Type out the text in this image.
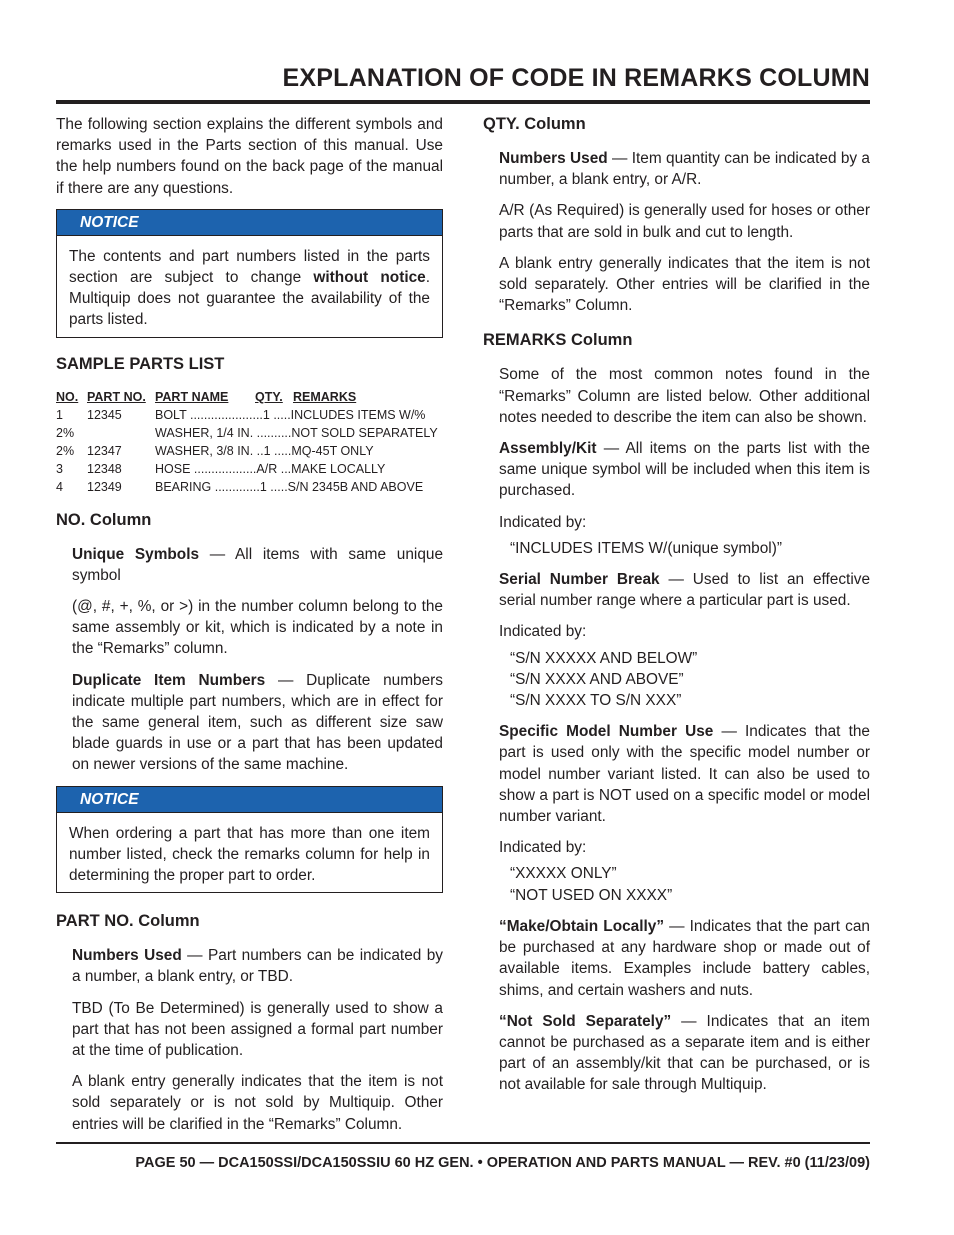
EXPLANATION OF CODE IN REMARKS COLUMN

The following section explains the different symbols and remarks used in the Parts section of this manual. Use the help numbers found on the back page of the manual if there are any questions.

NOTICE

The contents and part numbers listed in the parts section are subject to change without notice. Multiquip does not guarantee the availability of the parts listed.

SAMPLE PARTS LIST
NO.	PART NO.	PART NAME	QTY.	REMARKS
1	12345	BOLT .....................1 .....INCLUDES ITEMS W/%		
2%		WASHER, 1/4 IN. ..........NOT SOLD SEPARATELY		
2%	12347	WASHER, 3/8 IN. ..1 .....MQ-45T ONLY		
3	12348	HOSE ..................A/R ...MAKE LOCALLY		
4	12349	BEARING .............1 .....S/N 2345B AND ABOVE		
NO. Column

Unique Symbols — All items with same unique symbol

(@, #, +, %, or >) in the number column belong to the same assembly or kit, which is indicated by a note in the “Remarks” column.

Duplicate Item Numbers — Duplicate numbers indicate multiple part numbers, which are in effect for the same general item, such as different size saw blade guards in use or a part that has been updated on newer versions of the same machine.

NOTICE

When ordering a part that has more than one item number listed, check the remarks column for help in determining the proper part to order.

PART NO. Column

Numbers Used — Part numbers can be indicated by a number, a blank entry, or TBD.

TBD (To Be Determined) is generally used to show a part that has not been assigned a formal part number at the time of publication.

A blank entry generally indicates that the item is not sold separately or is not sold by Multiquip. Other entries will be clarified in the “Remarks” Column.

QTY. Column

Numbers Used — Item quantity can be indicated by a number, a blank entry, or A/R.

A/R (As Required) is generally used for hoses or other parts that are sold in bulk and cut to length.

A blank entry generally indicates that the item is not sold separately. Other entries will be clarified in the “Remarks” Column.

REMARKS Column

Some of the most common notes found in the “Remarks” Column are listed below. Other additional notes needed to describe the item can also be shown.

Assembly/Kit — All items on the parts list with the same unique symbol will be included when this item is purchased.

Indicated by:

“INCLUDES ITEMS W/(unique symbol)”

Serial Number Break — Used to list an effective serial number range where a particular part is used.

Indicated by:

“S/N XXXXX AND BELOW”

“S/N XXXX AND ABOVE”

“S/N XXXX TO S/N XXX”

Specific Model Number Use — Indicates that the part is used only with the specific model number or model number variant listed. It can also be used to show a part is NOT used on a specific model or model number variant.

Indicated by:

“XXXXX ONLY”

“NOT USED ON XXXX”

“Make/Obtain Locally” — Indicates that the part can be purchased at any hardware shop or made out of available items. Examples include battery cables, shims, and certain washers and nuts.

“Not Sold Separately” — Indicates that an item cannot be purchased as a separate item and is either part of an assembly/kit that can be purchased, or is not available for sale through Multiquip.

PAGE 50 — DCA150SSI/DCA150SSIU 60 HZ GEN. • OPERATION AND PARTS MANUAL — REV. #0 (11/23/09)
